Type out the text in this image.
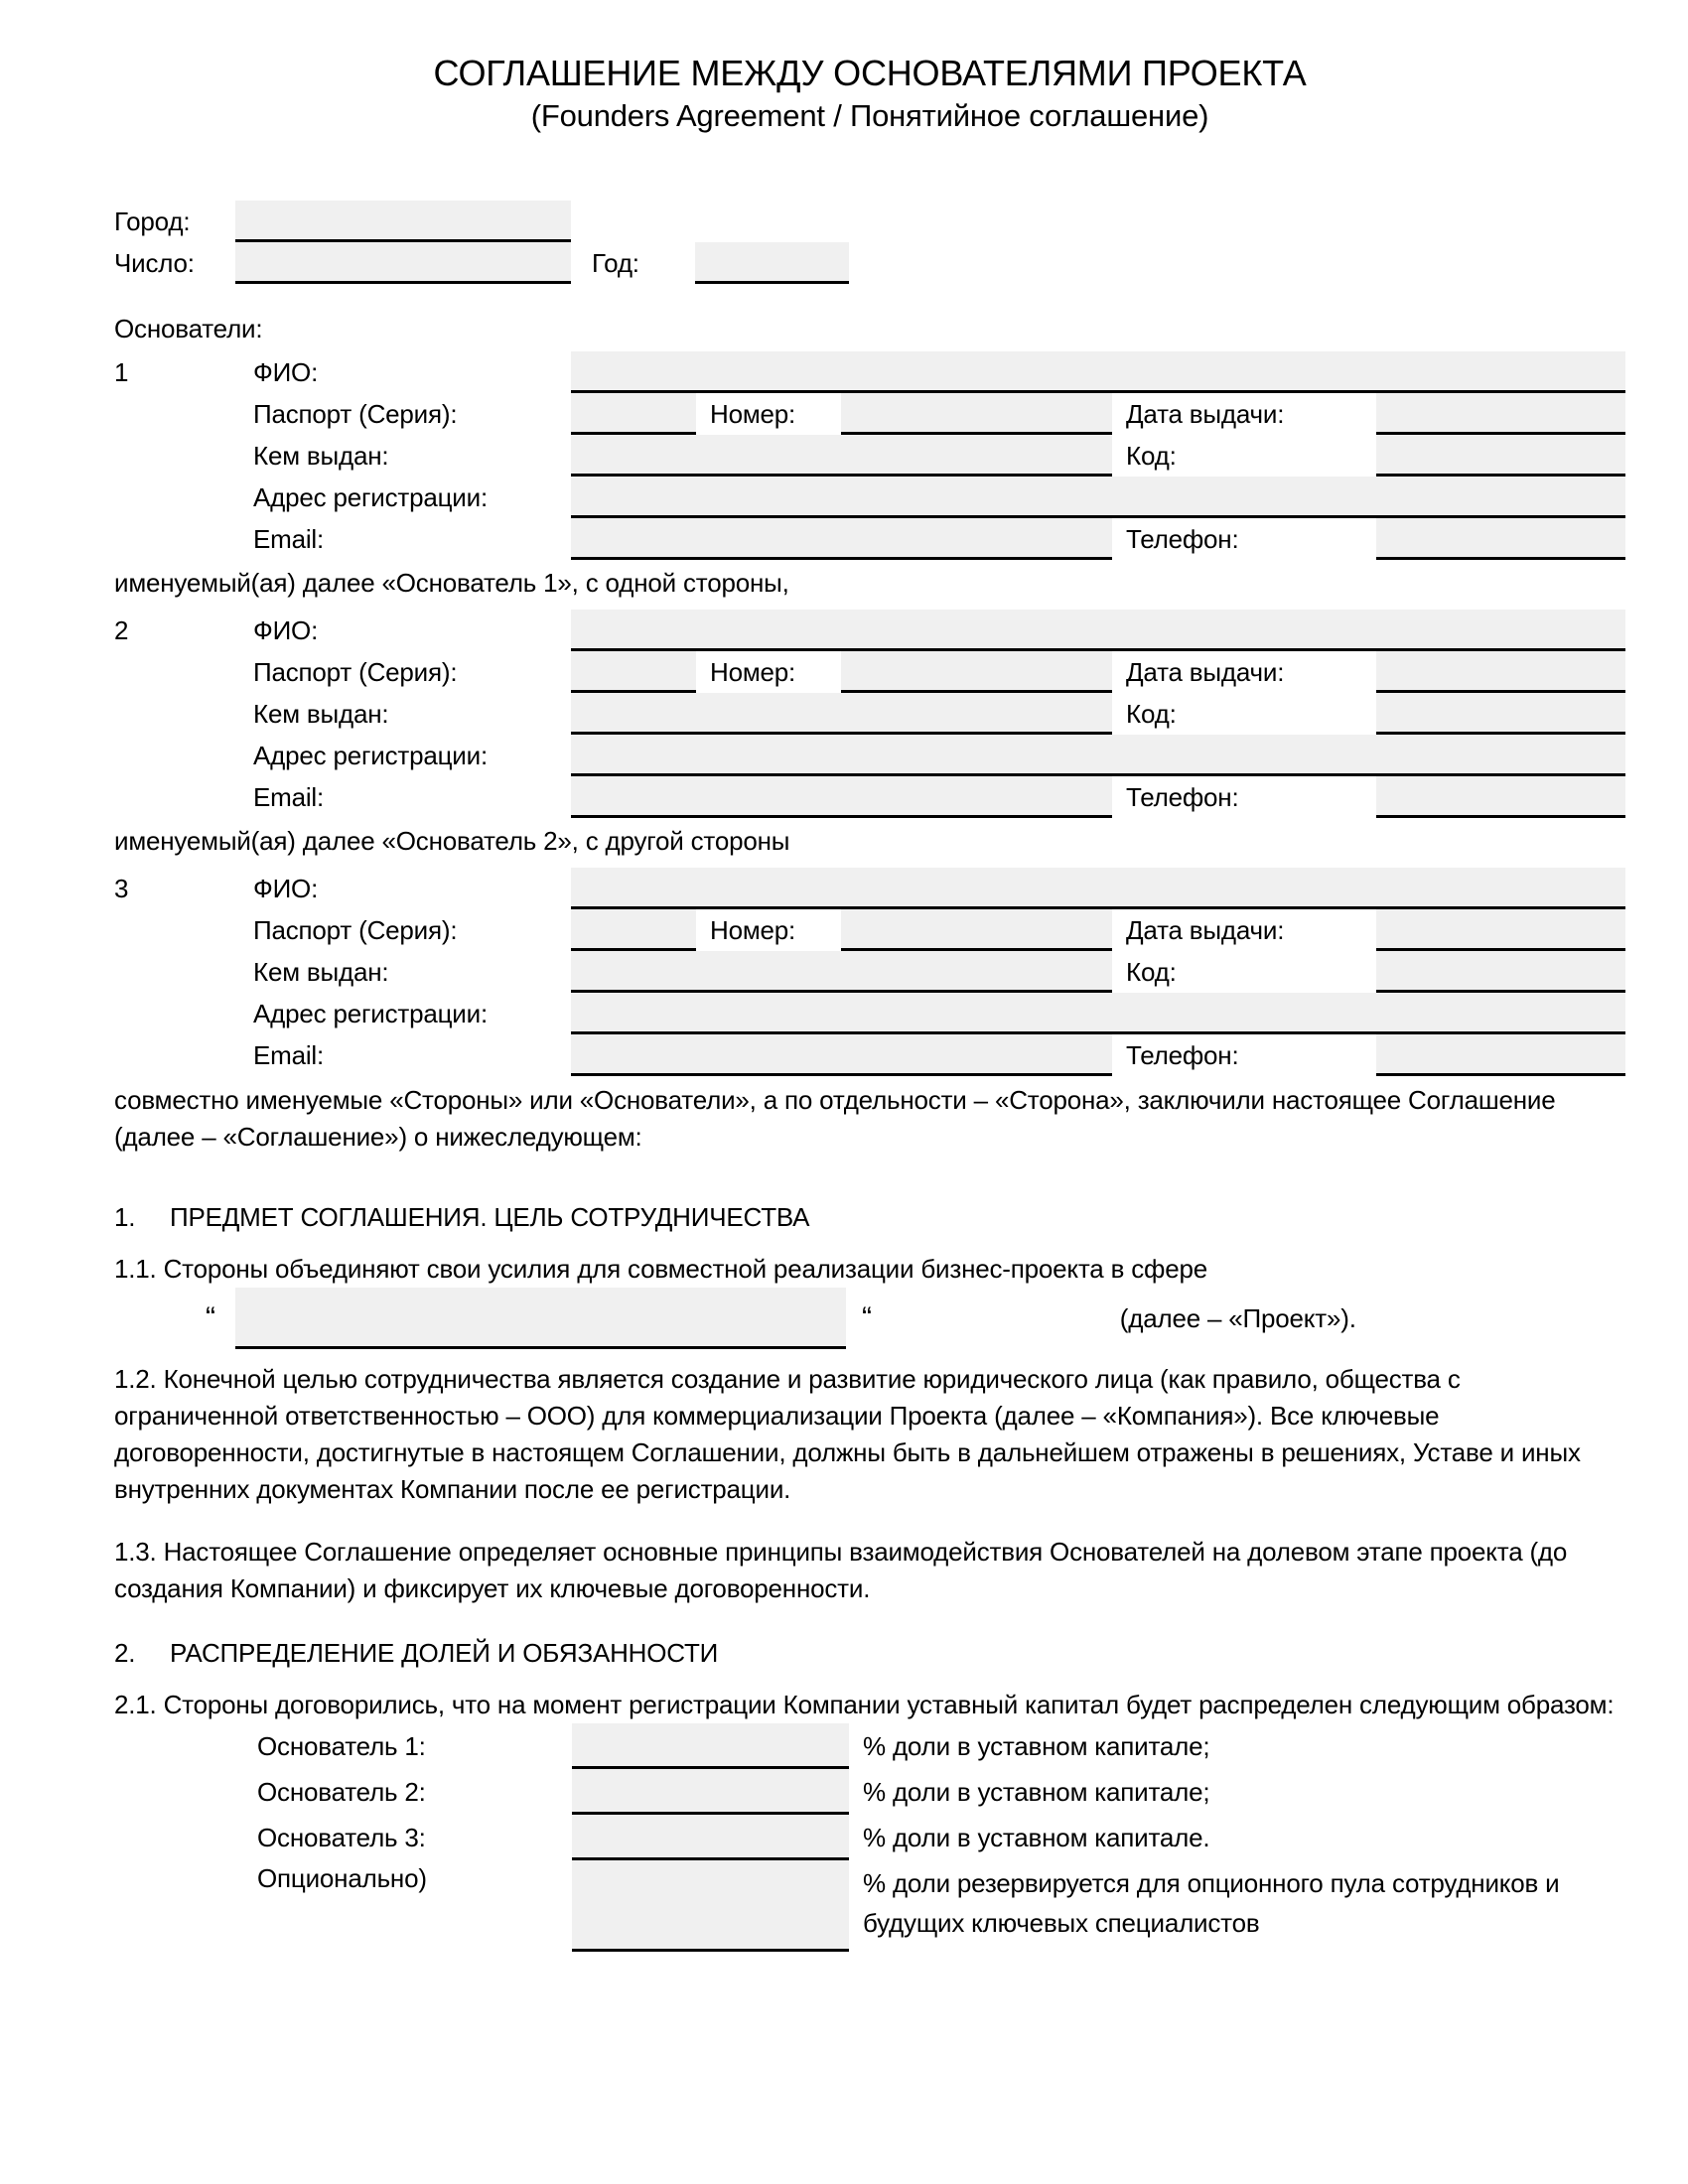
СОГЛАШЕНИЕ МЕЖДУ ОСНОВАТЕЛЯМИ ПРОЕКТА
(Founders Agreement / Понятийное соглашение)
Город:
Число:	Год:

Основатели:

1	ФИО:
Паспорт (Серия):	Номер:	Дата выдачи:
Кем выдан:	Код:
Адрес регистрации:
Email:	Телефон:

именуемый(ая) далее «Основатель 1», с одной стороны,

2	ФИО:
Паспорт (Серия):	Номер:	Дата выдачи:
Кем выдан:	Код:
Адрес регистрации:
Email:	Телефон:

именуемый(ая) далее «Основатель 2», с другой стороны

3	ФИО:
Паспорт (Серия):	Номер:	Дата выдачи:
Кем выдан:	Код:
Адрес регистрации:
Email:	Телефон:

совместно именуемые «Стороны» или «Основатели», а по отдельности – «Сторона», заключили настоящее Соглашение (далее – «Соглашение») о нижеследующем:

1.	ПРЕДМЕТ СОГЛАШЕНИЯ. ЦЕЛЬ СОТРУДНИЧЕСТВА

1.1. Стороны объединяют свои усилия для совместной реализации бизнес-проекта в сфере

“	“	(далее – «Проект»).

1.2. Конечной целью сотрудничества является создание и развитие юридического лица (как правило, общества с ограниченной ответственностью – ООО) для коммерциализации Проекта (далее – «Компания»). Все ключевые договоренности, достигнутые в настоящем Соглашении, должны быть в дальнейшем отражены в решениях, Уставе и иных внутренних документах Компании после ее регистрации.

1.3. Настоящее Соглашение определяет основные принципы взаимодействия Основателей на долевом этапе проекта (до создания Компании) и фиксирует их ключевые договоренности.

2.	РАСПРЕДЕЛЕНИЕ ДОЛЕЙ И ОБЯЗАННОСТИ

2.1. Стороны договорились, что на момент регистрации Компании уставный капитал будет распределен следующим образом:

Основатель 1:	% доли в уставном капитале;
Основатель 2:	% доли в уставном капитале;
Основатель 3:	% доли в уставном капитале.
Опционально)	% доли резервируется для опционного пула сотрудников и будущих ключевых специалистов
